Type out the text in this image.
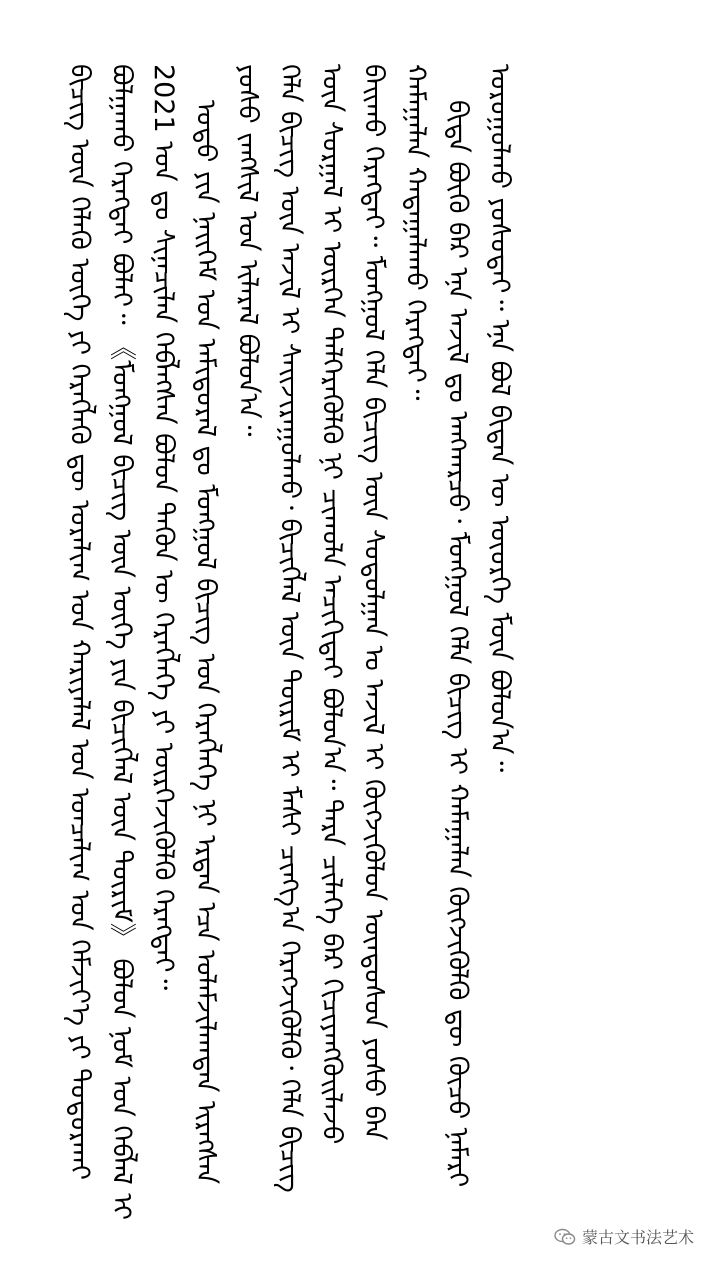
ᠪᠢᠴᠢᠭ ᠦᠨ ᠬᠡᠯᠡᠬᠦ ᠦᠭᠡ ᠶᠢ ᠬᠡᠷᠡᠭᠯᠡᠬᠦ ᠳᠦ ᠤᠷᠠᠯᠢᠭ ᠤᠨ ᠬᠠᠷᠢᠶᠠᠯᠠᠯ ᠤᠨ ᠣᠨᠴᠠᠯᠢᠭ ᠤᠨ ᠬᠡᠮᠵᠢᠶ᠎ᠡ ᠶᠢ ᠲᠣᠳᠣᠷᠬᠠᠶ ᠪᠣᠯᠭᠠᠬᠤ ᠬᠡᠷᠡᠭᠲᠡᠶ ᠪᠣᠯᠠᠢ᠃ 《ᠮᠣᠩᠭᠣᠯ ᠪᠢᠴᠢᠭ ᠦᠨ ᠦᠭᠡ ᠶᠢᠨ ᠪᠢᠴᠢᠭᠯᠡᠯ ᠦᠨ ᠳᠦᠷᠢᠮ》 ᠪᠣᠯᠤᠨ ᠨᠣᠮ ᠤᠨ ᠬᠡᠪᠯᠡᠯ ᠢ 2021 ᠣᠨ ᠳᠤ ᠰᠢᠨᠡᠴᠢᠯᠡᠨ ᠬᠡᠪᠯᠡᠭᠰᠡᠨ ᠪᠣᠯᠤᠨ ᠲᠡᠭᠦᠨ ᠦ ᠬᠡᠷᠡᠭᠯᠡᠭᠡ ᠶᠢ ᠥᠷᠭᠡᠵᠢᠭᠦᠯᠬᠦ ᠬᠡᠷᠡᠭᠲᠡᠢ᠃ ᠣᠳᠣ ᠶᠢᠨ ᠨᠡᠢᠭᠡᠮ ᠤᠨ ᠠᠮᠢᠳᠤᠷᠠᠯ ᠳᠤ ᠮᠣᠩᠭᠣᠯ ᠪᠢᠴᠢᠭ ᠤᠨ ᠬᠡᠷᠡᠭᠯᠡᠭᠡ ᠨᠢ ᠡᠷᠲᠡᠨ ᠡᠴᠡ ᠤᠯᠠᠮᠵᠢᠯᠠᠭᠳᠠᠨ ᠢᠷᠡᠭᠰᠡᠨ ᠶᠣᠰᠣ ᠵᠠᠩᠱᠢᠯ ᠤᠨ ᠢᠯᠡᠷᠡᠯ ᠪᠣᠯᠤᠨ᠎ᠠ᠃ ᠬᠡᠯᠡ ᠪᠢᠴᠢᠭ ᠦᠨ ᠠᠵᠢᠯ ᠢ ᠰᠠᠢᠵᠢᠷᠠᠭᠤᠯᠬᠤ᠂ ᠪᠢᠴᠢᠭᠯᠡᠯ ᠦᠨ ᠳᠦᠷᠢᠮ ᠢ ᠮᠠᠰᠢ ᠴᠢᠩᠭ᠎ᠠ ᠬᠡᠷᠡᠭᠵᠢᠭᠦᠯᠬᠦ᠂ ᠬᠡᠯᠡ ᠪᠢᠴᠢᠭ ᠦᠨ ᠰᠤᠷᠭᠠᠯ ᠢ ᠥᠷᠭᠡᠨ ᠳᠡᠯᠭᠡᠷᠡᠭᠦᠯᠬᠦ ᠨᠢ ᠴᠢᠬᠤᠯᠠ ᠠᠴᠢᠬᠢᠲᠠᠢ ᠪᠣᠯᠤᠨ᠎ᠠ᠃ ᠲᠡᠷᠡ ᠴᠢᠯᠡᠭᠡ ᠪᠡᠷ ᠬᠢᠴᠢᠶᠡᠩᠭᠦᠢᠯᠡᠵᠦ ᠪᠠᠢᠬᠤ ᠬᠡᠷᠡᠭᠲᠡᠢ᠃ ᠮᠣᠩᠭᠣᠯ ᠬᠡᠯᠡ ᠪᠢᠴᠢᠭ ᠦᠨ ᠰᠤᠳᠤᠯᠭᠠᠨ ᠤ ᠠᠵᠢᠯ ᠢ ᠬᠥᠭᠵᠢᠭᠦᠯᠦᠨ ᠦᠨᠳᠦᠰᠦᠨ ᠶᠣᠰᠣ ᠪᠡᠨ ᠬᠠᠮᠠᠭᠠᠯᠠᠨ ᠬᠠᠳᠠᠭᠠᠯᠠᠬᠤ ᠬᠡᠷᠡᠭᠲᠡᠢ᠃ ᠪᠢᠳᠡ ᠪᠦᠬᠦ ᠪᠡᠷ ᠡᠨᠡ ᠠᠵᠢᠯ ᠳᠤ ᠠᠩᠬᠠᠷᠴᠤ᠂ ᠮᠣᠩᠭᠣᠯ ᠬᠡᠯᠡ ᠪᠢᠴᠢᠭ ᠢ ᠬᠠᠮᠠᠭᠠᠯᠠᠨ ᠬᠥᠭᠵᠢᠭᠦᠯᠬᠦ ᠳᠦ ᠬᠦᠴᠦ ᠨᠡᠮᠡᠷᠢ ᠣᠷᠣᠭᠤᠯᠬᠤ ᠶᠣᠰᠣᠲᠠᠢ᠃ ᠡᠨᠡ ᠪᠣᠯ ᠪᠢᠳᠡᠨ ᠦ ᠦᠦᠷᠭᠡ ᠮᠥᠨ ᠪᠣᠯᠣᠨ᠎ᠠ᠃

蒙古文书法艺术
